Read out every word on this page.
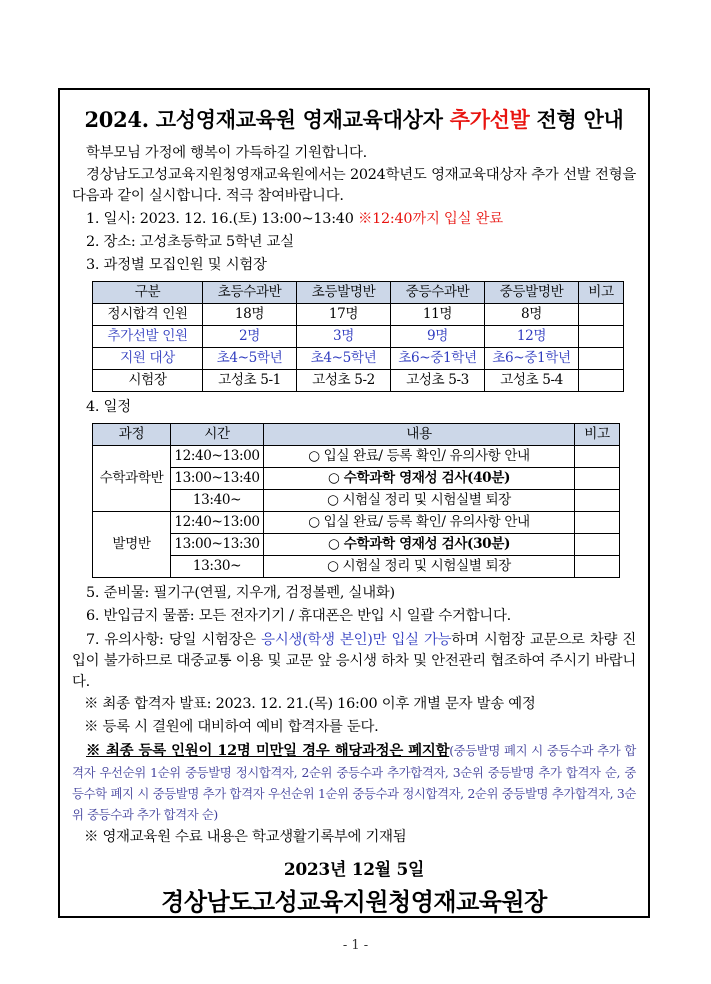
2024. 고성영재교육원 영재교육대상자 추가선발 전형 안내

학부모님 가정에 행복이 가득하길 기원합니다.

경상남도고성교육지원청영재교육원에서는 2024학년도 영재교육대상자 추가 선발 전형을 다음과 같이 실시합니다. 적극 참여바랍니다.

1. 일시: 2023. 12. 16.(토) 13:00~13:40 ※12:40까지 입실 완료

2. 장소: 고성초등학교 5학년 교실

3. 과정별 모집인원 및 시험장

구분	초등수과반	초등발명반	중등수과반	중등발명반	비고
정시합격 인원	18명	17명	11명	8명	
추가선발 인원	2명	3명	9명	12명	
지원 대상	초4~5학년	초4~5학년	초6~중1학년	초6~중1학년	
시험장	고성초 5-1	고성초 5-2	고성초 5-3	고성초 5-4	

4. 일정

과정	시간	내용	비고
수학과학반	12:40~13:00	○ 입실 완료/ 등록 확인/ 유의사항 안내	
	13:00~13:40	○ 수학과학 영재성 검사(40분)	
	13:40~	○ 시험실 정리 및 시험실별 퇴장	
발명반	12:40~13:00	○ 입실 완료/ 등록 확인/ 유의사항 안내	
	13:00~13:30	○ 수학과학 영재성 검사(30분)	
	13:30~	○ 시험실 정리 및 시험실별 퇴장	

5. 준비물: 필기구(연필, 지우개, 검정볼펜, 실내화)

6. 반입금지 물품: 모든 전자기기 / 휴대폰은 반입 시 일괄 수거합니다.

7. 유의사항: 당일 시험장은 응시생(학생 본인)만 입실 가능하며 시험장 교문으로 차량 진입이 불가하므로 대중교통 이용 및 교문 앞 응시생 하차 및 안전관리 협조하여 주시기 바랍니다.

※ 최종 합격자 발표: 2023. 12. 21.(목) 16:00 이후 개별 문자 발송 예정

※ 등록 시 결원에 대비하여 예비 합격자를 둔다.

※ 최종 등록 인원이 12명 미만일 경우 해당과정은 폐지함(중등발명 폐지 시 중등수과 추가 합격자 우선순위 1순위 중등발명 정시합격자, 2순위 중등수과 추가합격자, 3순위 중등발명 추가 합격자 순, 중등수학 폐지 시 중등발명 추가 합격자 우선순위 1순위 중등수과 정시합격자, 2순위 중등발명 추가합격자, 3순위 중등수과 추가 합격자 순)

※ 영재교육원 수료 내용은 학교생활기록부에 기재됨

2023년 12월 5일
경상남도고성교육지원청영재교육원장
- 1 -
